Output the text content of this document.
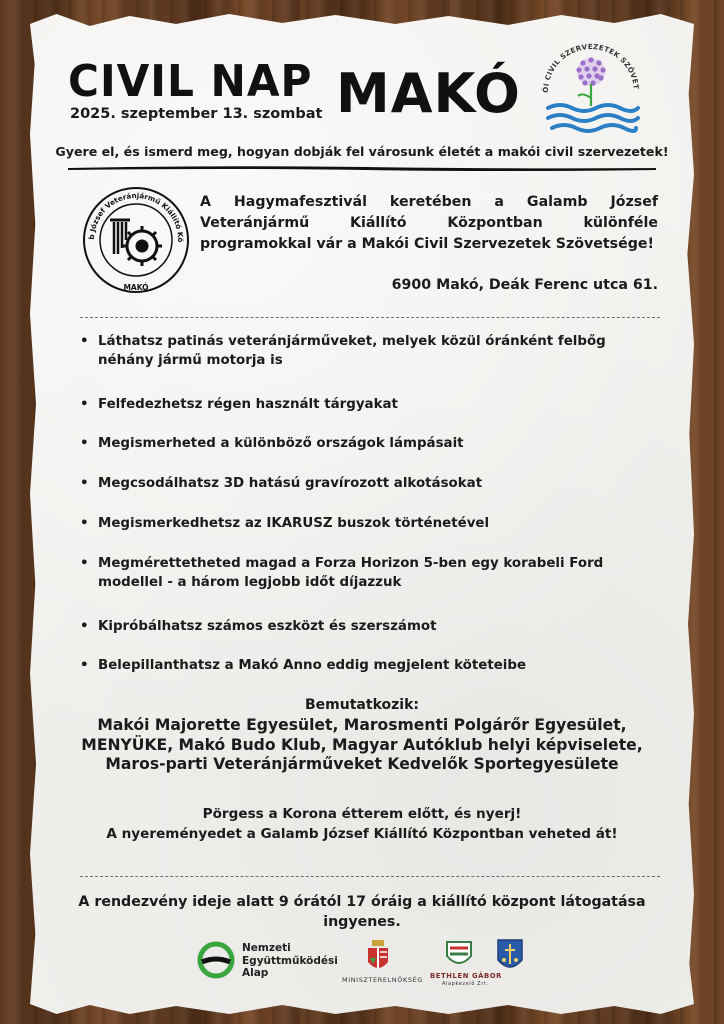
CIVIL NAP
2025. szeptember 13. szombat MAKÓ	ÓI CIVIL SZERVEZETEK SZÖVET
Gyere el, és ismerd meg, hogyan dobják fel városunk életét a makói civil szervezetek!
b József Veteránjármű Kiállító Kö
MAKÓ
A Hagymafesztivál keretében a Galamb József Veteránjármű Kiállító Központban különféle programokkal vár a Makói Civil Szervezetek Szövetsége!
6900 Makó, Deák Ferenc utca 61.
• Láthatsz patinás veteránjárműveket, melyek közül óránként felbőg néhány jármű motorja is
• Felfedezhetsz régen használt tárgyakat
• Megismerheted a különböző országok lámpásait
• Megcsodálhatsz 3D hatású gravírozott alkotásokat
• Megismerkedhetsz az IKARUSZ buszok történetével
• Megmérettetheted magad a Forza Horizon 5-ben egy korabeli Ford modellel - a három legjobb időt díjazzuk
• Kipróbálhatsz számos eszközt és szerszámot
• Belepillanthatsz a Makó Anno eddig megjelent köteteibe
Bemutatkozik:
Makói Majorette Egyesület, Marosmenti Polgárőr Egyesület,
MENYÜKE, Makó Budo Klub, Magyar Autóklub helyi képviselete,
Maros-parti Veteránjárműveket Kedvelők Sportegyesülete
Pörgess a Korona étterem előtt, és nyerj!
A nyereményedet a Galamb József Kiállító Központban veheted át!
A rendezvény ideje alatt 9 órától 17 óráig a kiállító központ látogatása
ingyenes.
Nemzeti
Együttműködési
Alap
MINISZTERELNÖKSÉG BETHLEN GÁBOR
Alapkezelő Zrt.
